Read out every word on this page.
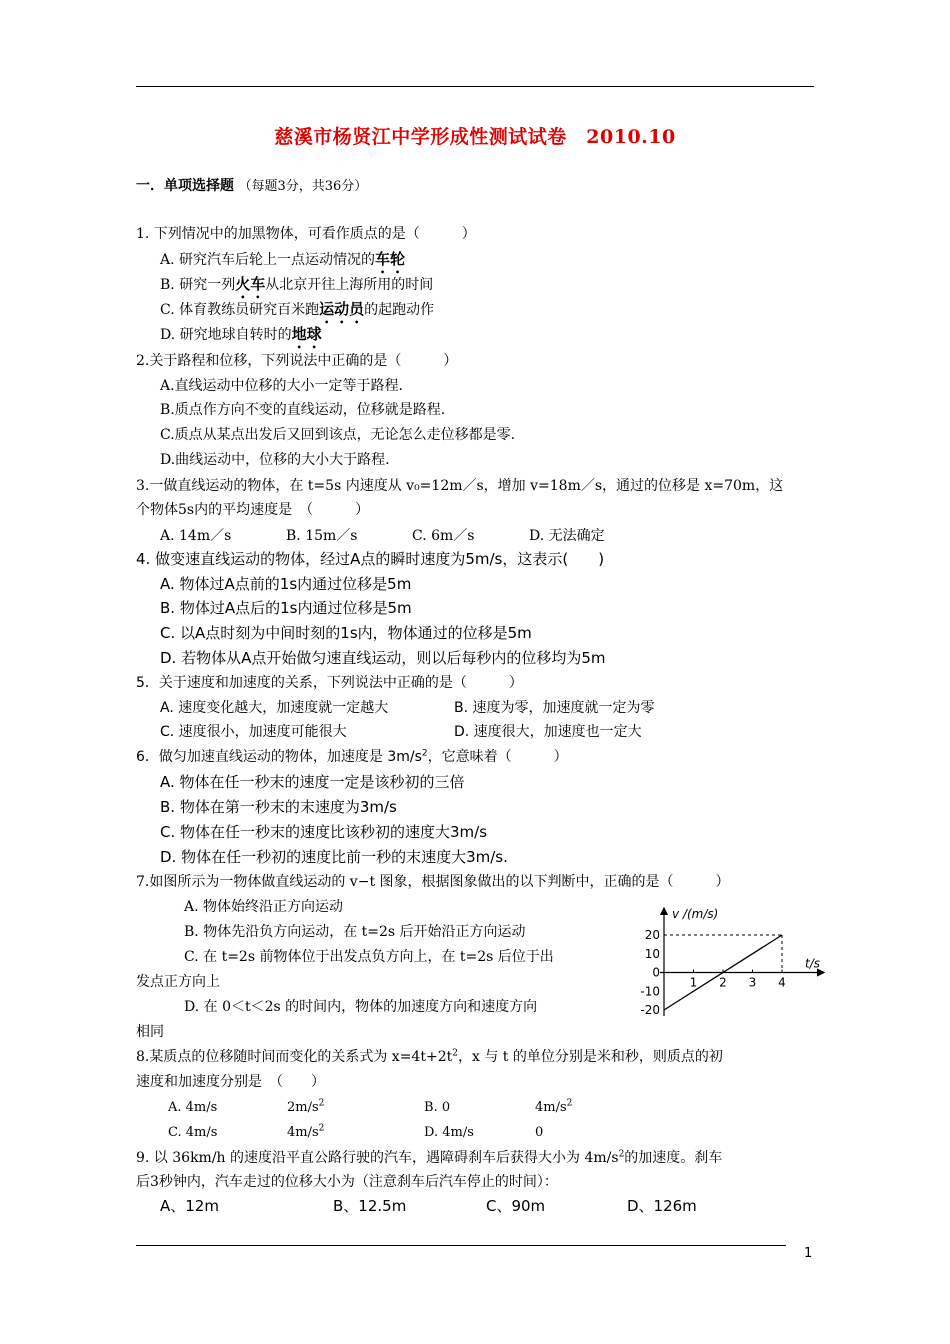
慈溪市杨贤江中学形成性测试试卷　2010.10
一．单项选择题 （每题3分，共36分）
1. 下列情况中的加黑物体，可看作质点的是（　　　）
A. 研究汽车后轮上一点运动情况的车轮
B. 研究一列火车从北京开往上海所用的时间
C. 体育教练员研究百米跑运动员的起跑动作
D. 研究地球自转时的地球
2.关于路程和位移，下列说法中正确的是（　　　）
A.直线运动中位移的大小一定等于路程.
B.质点作方向不变的直线运动，位移就是路程.
C.质点从某点出发后又回到该点，无论怎么走位移都是零.
D.曲线运动中，位移的大小大于路程.
3.一做直线运动的物体，在 t=5s 内速度从 v₀=12m／s，增加 v=18m／s，通过的位移是 x=70m，这
个物体5s内的平均速度是　（　　　）
A. 14m／s	B. 15m／s	C. 6m／s	D. 无法确定
4. 做变速直线运动的物体，经过A点的瞬时速度为5m/s，这表示(　　)
A. 物体过A点前的1s内通过位移是5m
B. 物体过A点后的1s内通过位移是5m
C. 以A点时刻为中间时刻的1s内，物体通过的位移是5m
D. 若物体从A点开始做匀速直线运动，则以后每秒内的位移均为5m
5．关于速度和加速度的关系，下列说法中正确的是（　　　）
A. 速度变化越大，加速度就一定越大	B. 速度为零，加速度就一定为零
C. 速度很小，加速度可能很大	D. 速度很大，加速度也一定大
6．做匀加速直线运动的物体，加速度是 $3m/s^2$，它意味着（　　　）
A. 物体在任一秒末的速度一定是该秒初的三倍
B. 物体在第一秒末的末速度为3m/s
C. 物体在任一秒末的速度比该秒初的速度大3m/s
D. 物体在任一秒初的速度比前一秒的末速度大3m/s.
7.如图所示为一物体做直线运动的 v−t 图象，根据图象做出的以下判断中，正确的是（　　　）
A. 物体始终沿正方向运动
B. 物体先沿负方向运动，在 t=2s 后开始沿正方向运动
C. 在 t=2s 前物体位于出发点负方向上，在 t=2s 后位于出
发点正方向上
D. 在 0＜t＜2s 的时间内，物体的加速度方向和速度方向
相同
v /(m/s)
t/s
20
10
0
-10
-20
1 2 3 4
8.某质点的位移随时间而变化的关系式为 $x=4t+2t^2$，x 与 t 的单位分别是米和秒，则质点的初
速度和加速度分别是　（　　）
A. 4m/s	$2m/s^2$	B. 0	$4m/s^2$
C. 4m/s	$4m/s^2$	D. 4m/s	0
9. 以 36km/h 的速度沿平直公路行驶的汽车，遇障碍刹车后获得大小为 $4m/s^2$的加速度。刹车
后3秒钟内，汽车走过的位移大小为（注意刹车后汽车停止的时间）：
A、12m	B、12.5m	C、90m	D、126m
1
